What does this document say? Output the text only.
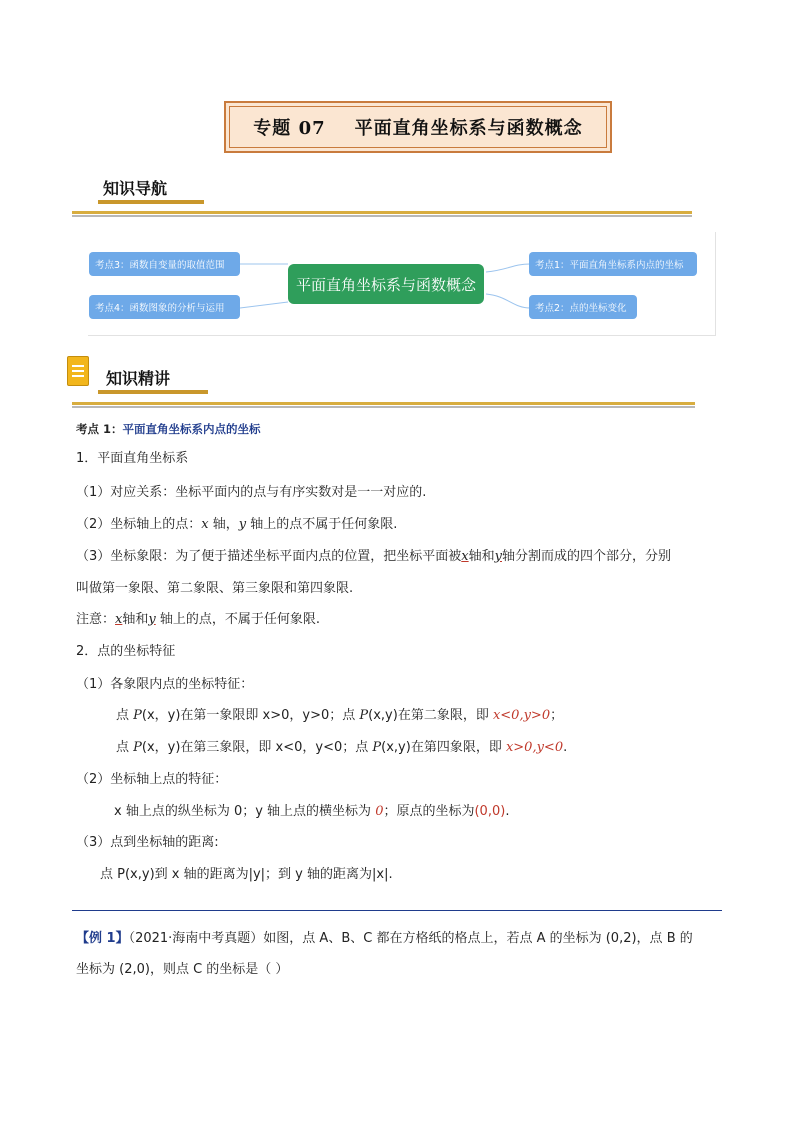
专题 07    平面直角坐标系与函数概念
知识导航
考点3：函数自变量的取值范围
考点4：函数图象的分析与运用
平面直角坐标系与函数概念
考点1：平面直角坐标系内点的坐标
考点2：点的坐标变化
知识精讲
考点 1：平面直角坐标系内点的坐标
1．平面直角坐标系
（1）对应关系：坐标平面内的点与有序实数对是一一对应的.
（2）坐标轴上的点：x 轴，y 轴上的点不属于任何象限.
（3）坐标象限：为了便于描述坐标平面内点的位置，把坐标平面被x轴和y轴分割而成的四个部分，分别
叫做第一象限、第二象限、第三象限和第四象限.
注意：x轴和y 轴上的点，不属于任何象限.
2．点的坐标特征
（1）各象限内点的坐标特征：
点 P(x，y)在第一象限即 x>0，y>0；点 P(x,y)在第二象限，即 x<0,y>0；
点 P(x，y)在第三象限，即 x<0，y<0；点 P(x,y)在第四象限，即 x>0,y<0.
（2）坐标轴上点的特征：
x 轴上点的纵坐标为 0；y 轴上点的横坐标为 0；原点的坐标为(0,0).
（3）点到坐标轴的距离:
点 P(x,y)到 x 轴的距离为|y|；到 y 轴的距离为|x|.
【例 1】（2021·海南中考真题）如图，点 A、B、C 都在方格纸的格点上，若点 A 的坐标为 (0,2)，点 B 的
坐标为 (2,0)，则点 C 的坐标是（ ）
